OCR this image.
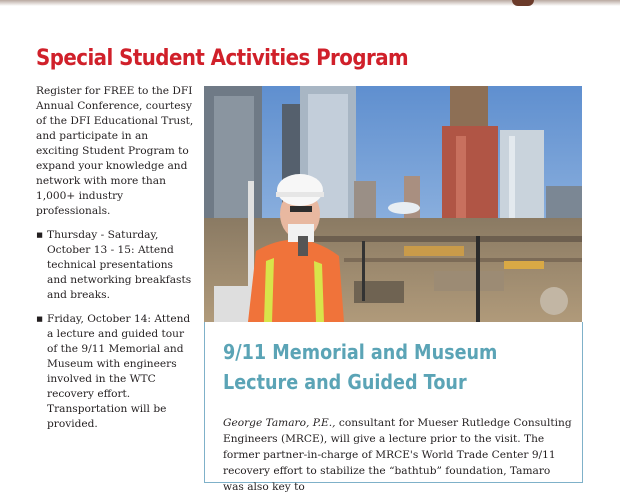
Special Student Activities Program

Register for FREE to the DFI Annual Conference, courtesy of the DFI Educational Trust, and participate in an exciting Student Program to expand your knowledge and network with more than 1,000+ industry professionals.

▪ Thursday - Saturday, October 13 - 15: Attend technical presentations and networking breakfasts and breaks.
▪ Friday, October 14: Attend a lecture and guided tour of the 9/11 Memorial and Museum with engineers involved in the WTC recovery effort. Transportation will be provided.
9/11 Memorial and Museum Lecture and Guided Tour

George Tamaro, P.E., consultant for Mueser Rutledge Consulting Engineers (MRCE), will give a lecture prior to the visit. The former partner-in-charge of MRCE's World Trade Center 9/11 recovery effort to stabilize the “bathtub” foundation, Tamaro was also key to
